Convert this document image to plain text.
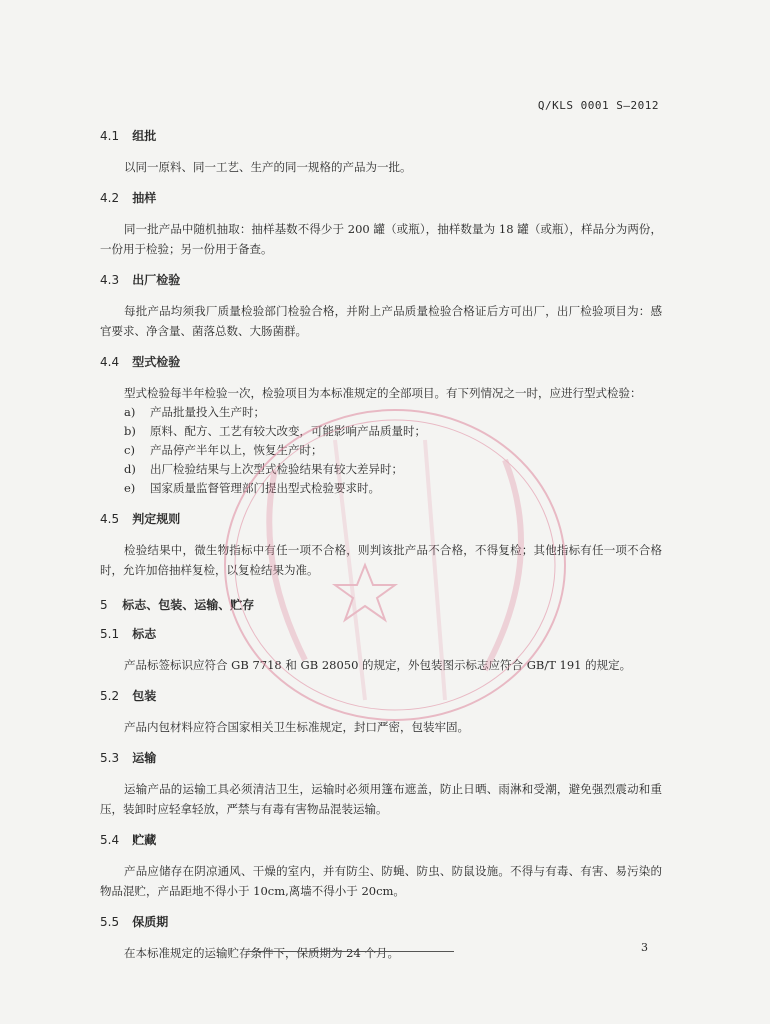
Q/KLS 0001 S—2012
4.1 组批

以同一原料、同一工艺、生产的同一规格的产品为一批。

4.2 抽样

同一批产品中随机抽取：抽样基数不得少于 200 罐（或瓶），抽样数量为 18 罐（或瓶），样品分为两份，一份用于检验；另一份用于备查。

4.3 出厂检验

每批产品均须我厂质量检验部门检验合格，并附上产品质量检验合格证后方可出厂，出厂检验项目为：感官要求、净含量、菌落总数、大肠菌群。

4.4 型式检验

型式检验每半年检验一次，检验项目为本标准规定的全部项目。有下列情况之一时，应进行型式检验：

a) 产品批量投入生产时；
b) 原料、配方、工艺有较大改变，可能影响产品质量时；
c) 产品停产半年以上，恢复生产时；
d) 出厂检验结果与上次型式检验结果有较大差异时；
e) 国家质量监督管理部门提出型式检验要求时。
4.5 判定规则

检验结果中，微生物指标中有任一项不合格，则判该批产品不合格，不得复检；其他指标有任一项不合格时，允许加倍抽样复检，以复检结果为准。

5 标志、包装、运输、贮存
5.1 标志

产品标签标识应符合 GB 7718 和 GB 28050 的规定，外包装图示标志应符合 GB/T 191 的规定。

5.2 包装

产品内包材料应符合国家相关卫生标准规定，封口严密，包装牢固。

5.3 运输

运输产品的运输工具必须清洁卫生，运输时必须用篷布遮盖，防止日晒、雨淋和受潮，避免强烈震动和重压，装卸时应轻拿轻放，严禁与有毒有害物品混装运输。

5.4 贮藏

产品应储存在阴凉通风、干燥的室内，并有防尘、防蝇、防虫、防鼠设施。不得与有毒、有害、易污染的物品混贮，产品距地不得小于 10cm,离墙不得小于 20cm。

5.5 保质期

在本标准规定的运输贮存条件下，保质期为 24 个月。	3
